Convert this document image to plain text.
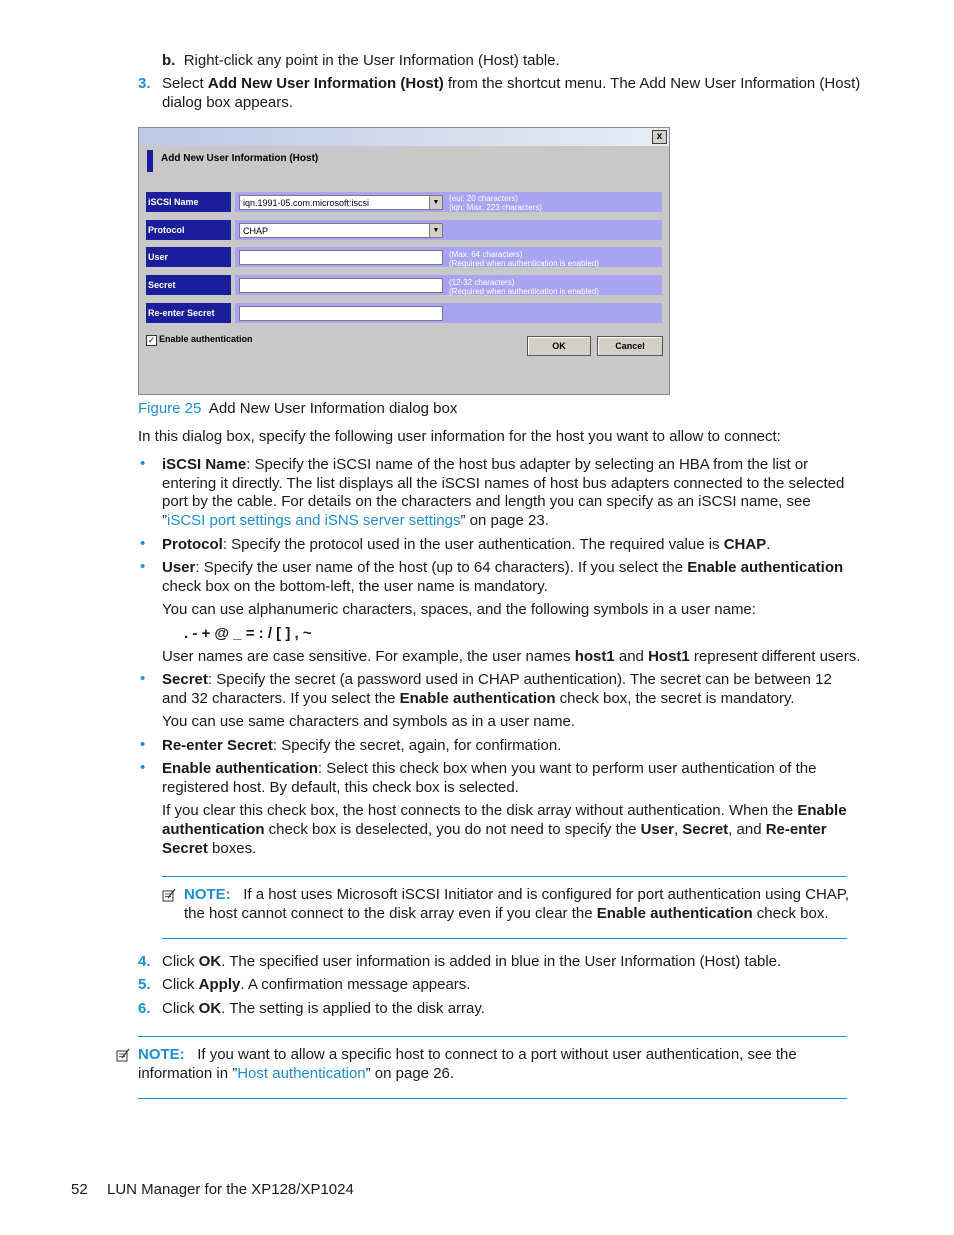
b. Right-click any point in the User Information (Host) table.
3. Select Add New User Information (Host) from the shortcut menu. The Add New User Information (Host)
dialog box appears.
x
Add New User Information (Host)
iSCSI Name	iqn.1991-05.com.microsoft:iscsi	▼	(eui: 20 characters)
(iqn: Max. 223 characters)
Protocol	CHAP	▼
User	(Max. 64 characters)
(Required when authentication is enabled)
Secret	(12-32 characters)
(Required when authentication is enabled)
Re-enter Secret
✓ Enable authentication
OK	Cancel
Figure 25 Add New User Information dialog box
In this dialog box, specify the following user information for the host you want to allow to connect:
• iSCSI Name: Specify the iSCSI name of the host bus adapter by selecting an HBA from the list or
entering it directly. The list displays all the iSCSI names of host bus adapters connected to the selected
port by the cable. For details on the characters and length you can specify as an iSCSI name, see
”iSCSI port settings and iSNS server settings” on page 23.
• Protocol: Specify the protocol used in the user authentication. The required value is CHAP.
• User: Specify the user name of the host (up to 64 characters). If you select the Enable authentication
check box on the bottom-left, the user name is mandatory.
You can use alphanumeric characters, spaces, and the following symbols in a user name:
. - + @ _ = : / [ ] , ~
User names are case sensitive. For example, the user names host1 and Host1 represent different users.
• Secret: Specify the secret (a password used in CHAP authentication). The secret can be between 12
and 32 characters. If you select the Enable authentication check box, the secret is mandatory.
You can use same characters and symbols as in a user name.
• Re-enter Secret: Specify the secret, again, for confirmation.
• Enable authentication: Select this check box when you want to perform user authentication of the
registered host. By default, this check box is selected.
If you clear this check box, the host connects to the disk array without authentication. When the Enable
authentication check box is deselected, you do not need to specify the User, Secret, and Re-enter
Secret boxes.
NOTE: If a host uses Microsoft iSCSI Initiator and is configured for port authentication using CHAP,
the host cannot connect to the disk array even if you clear the Enable authentication check box.
4. Click OK. The specified user information is added in blue in the User Information (Host) table.
5. Click Apply. A confirmation message appears.
6. Click OK. The setting is applied to the disk array.
NOTE: If you want to allow a specific host to connect to a port without user authentication, see the
information in ”Host authentication” on page 26.
52 LUN Manager for the XP128/XP1024
